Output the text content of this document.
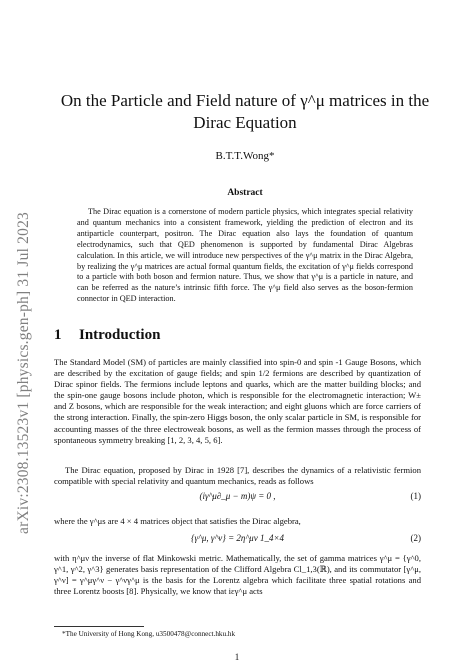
arXiv:2308.13523v1 [physics.gen-ph] 31 Jul 2023
On the Particle and Field nature of γ^μ matrices in the
Dirac Equation
B.T.T.Wong*
Abstract
The Dirac equation is a cornerstone of modern particle physics, which integrates special relativity and quantum mechanics into a consistent framework, yielding the prediction of electron and its antiparticle counterpart, positron. The Dirac equation also lays the foundation of quantum electrodynamics, such that QED phenomenon is supported by fundamental Dirac Algebras calculation. In this article, we will introduce new perspectives of the γ^μ matrix in the Dirac Algebra, by realizing the γ^μ matrices are actual formal quantum fields, the excitation of γ^μ fields correspond to a particle with both boson and fermion nature. Thus, we show that γ^μ is a particle in nature, and can be referred as the nature’s intrinsic fifth force. The γ^μ field also serves as the boson-fermion connector in QED interaction.
1 Introduction
The Standard Model (SM) of particles are mainly classified into spin-0 and spin -1 Gauge Bosons, which are described by the excitation of gauge fields; and spin 1/2 fermions are described by quantization of Dirac spinor fields. The fermions include leptons and quarks, which are the matter building blocks; and the spin-one gauge bosons include photon, which is responsible for the electromagnetic interaction; W± and Z bosons, which are responsible for the weak interaction; and eight gluons which are force carriers of the strong interaction. Finally, the spin-zero Higgs boson, the only scalar particle in SM, is responsible for accounting masses of the three electroweak bosons, as well as the fermion masses through the process of spontaneous symmetry breaking [1, 2, 3, 4, 5, 6].
The Dirac equation, proposed by Dirac in 1928 [7], describes the dynamics of a relativistic fermion compatible with special relativity and quantum mechanics, reads as follows
(iγ^μ∂_μ − m)ψ = 0 ,	(1)
where the γ^μs are 4 × 4 matrices object that satisfies the Dirac algebra,
{γ^μ, γ^ν} = 2η^μν 1_4×4	(2)
with η^μν the inverse of flat Minkowski metric. Mathematically, the set of gamma matrices γ^μ = {γ^0, γ^1, γ^2, γ^3} generates basis representation of the Clifford Algebra Cl_1,3(ℝ), and its commutator [γ^μ, γ^ν] = γ^μγ^ν − γ^νγ^μ is the basis for the Lorentz algebra which facilitate three spatial rotations and three Lorentz boosts [8]. Physically, we know that iεγ^μ acts
*The University of Hong Kong, u3500478@connect.hku.hk
1
